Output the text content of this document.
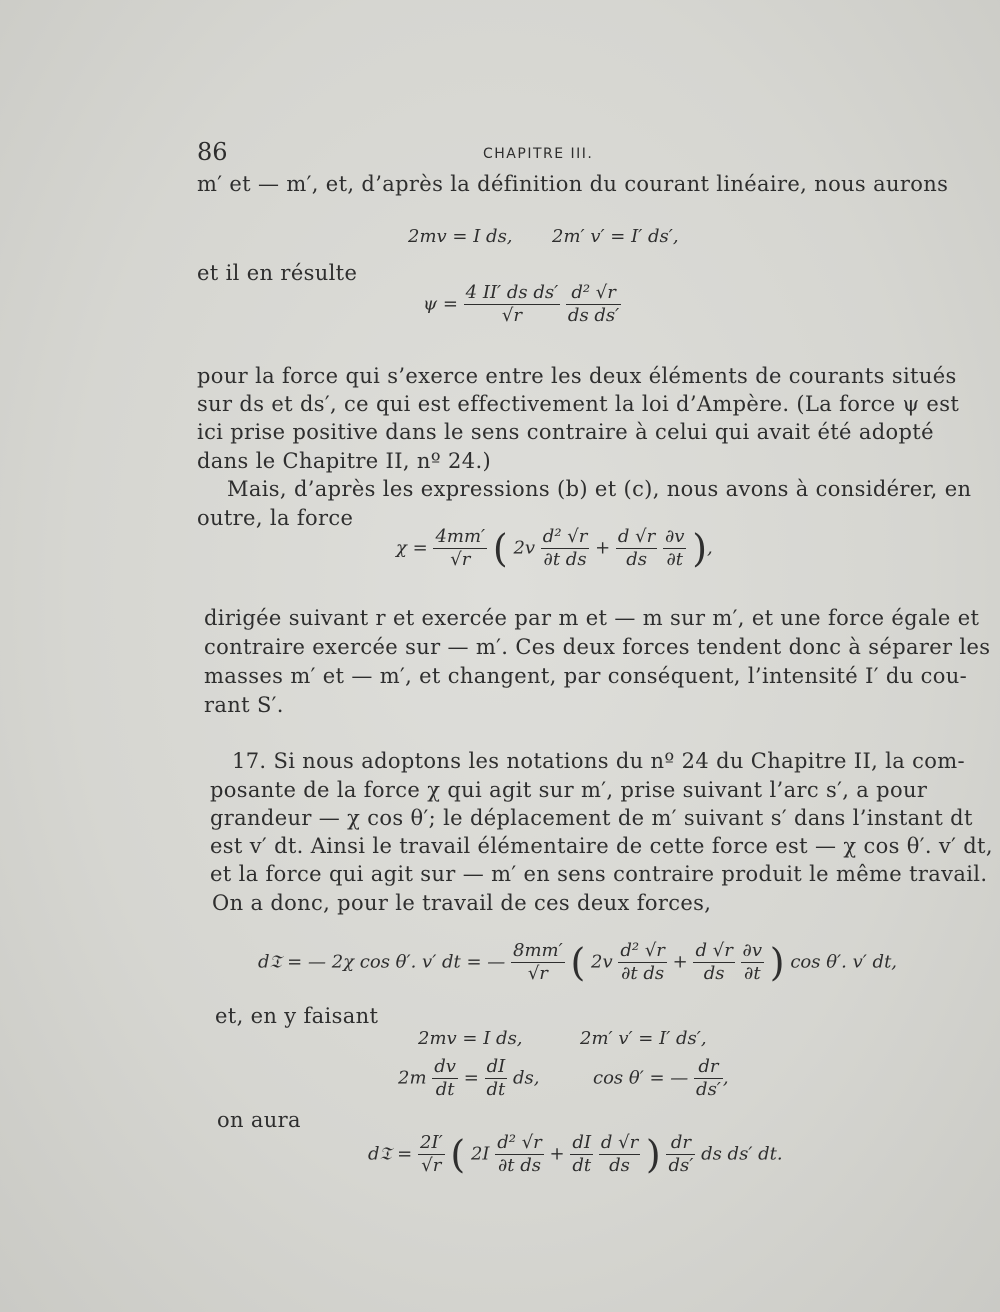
86	CHAPITRE III.
m′ et — m′, et, d’après la définition du courant linéaire, nous aurons
2mv = I ds, 2m′ v′ = I′ ds′,
et il en résulte
$\psi = \frac{\text{4 II′ ds ds′}}{√r}$
$\frac{\text{d² √r}}{\text{ds ds′}}$
pour la force qui s’exerce entre les deux éléments de courants situés
sur ds et ds′, ce qui est effectivement la loi d’Ampère. (La force ψ est
ici prise positive dans le sens contraire à celui qui avait été adopté
dans le Chapitre II, nº 24.)
Mais, d’après les expressions (b) et (c), nous avons à considérer, en
outre, la force
$\chi = \frac{4mm'}{√r}$ ( $2v \frac{\text{d² √r}}{\text{∂t ds}} + \frac{d √r}{ds}$
$\frac{\partial v}{\partial t}$ ),
dirigée suivant r et exercée par m et — m sur m′, et une force égale et
contraire exercée sur — m′. Ces deux forces tendent donc à séparer les
masses m′ et — m′, et changent, par conséquent, l’intensité I′ du cou-
rant S′.
17. Si nous adoptons les notations du nº 24 du Chapitre II, la com-
posante de la force χ qui agit sur m′, prise suivant l’arc s′, a pour
grandeur — χ cos θ′; le déplacement de m′ suivant s′ dans l’instant dt
est v′ dt. Ainsi le travail élémentaire de cette force est — χ cos θ′. v′ dt,
et la force qui agit sur — m′ en sens contraire produit le même travail.
On a donc, pour le travail de ces deux forces,
d𝔗 = — 2χ cos θ′. v′ dt = — $\frac{8mm'}{√r}$ ( $2v \frac{\text{d² √r}}{\text{∂t ds}} + \frac{d √r}{ds}$
$\frac{\partial v}{\partial t}$ ) cos θ′. v′ dt,
et, en y faisant
2mv = I ds,	2m′ v′ = I′ ds′,
$2m \frac{dv}{dt} = \frac{dI}{dt}$ ds,	cos θ′ = — $\frac{dr}{ds'}$ ,
on aura
d𝔗 = $\frac{2I'}{√r}$ ( $2I \frac{\text{d² √r}}{\text{∂t ds}} + \frac{dI}{dt}$
$\frac{d √r}{ds}$ ) $\frac{dr}{ds'}$ ds ds′ dt.
